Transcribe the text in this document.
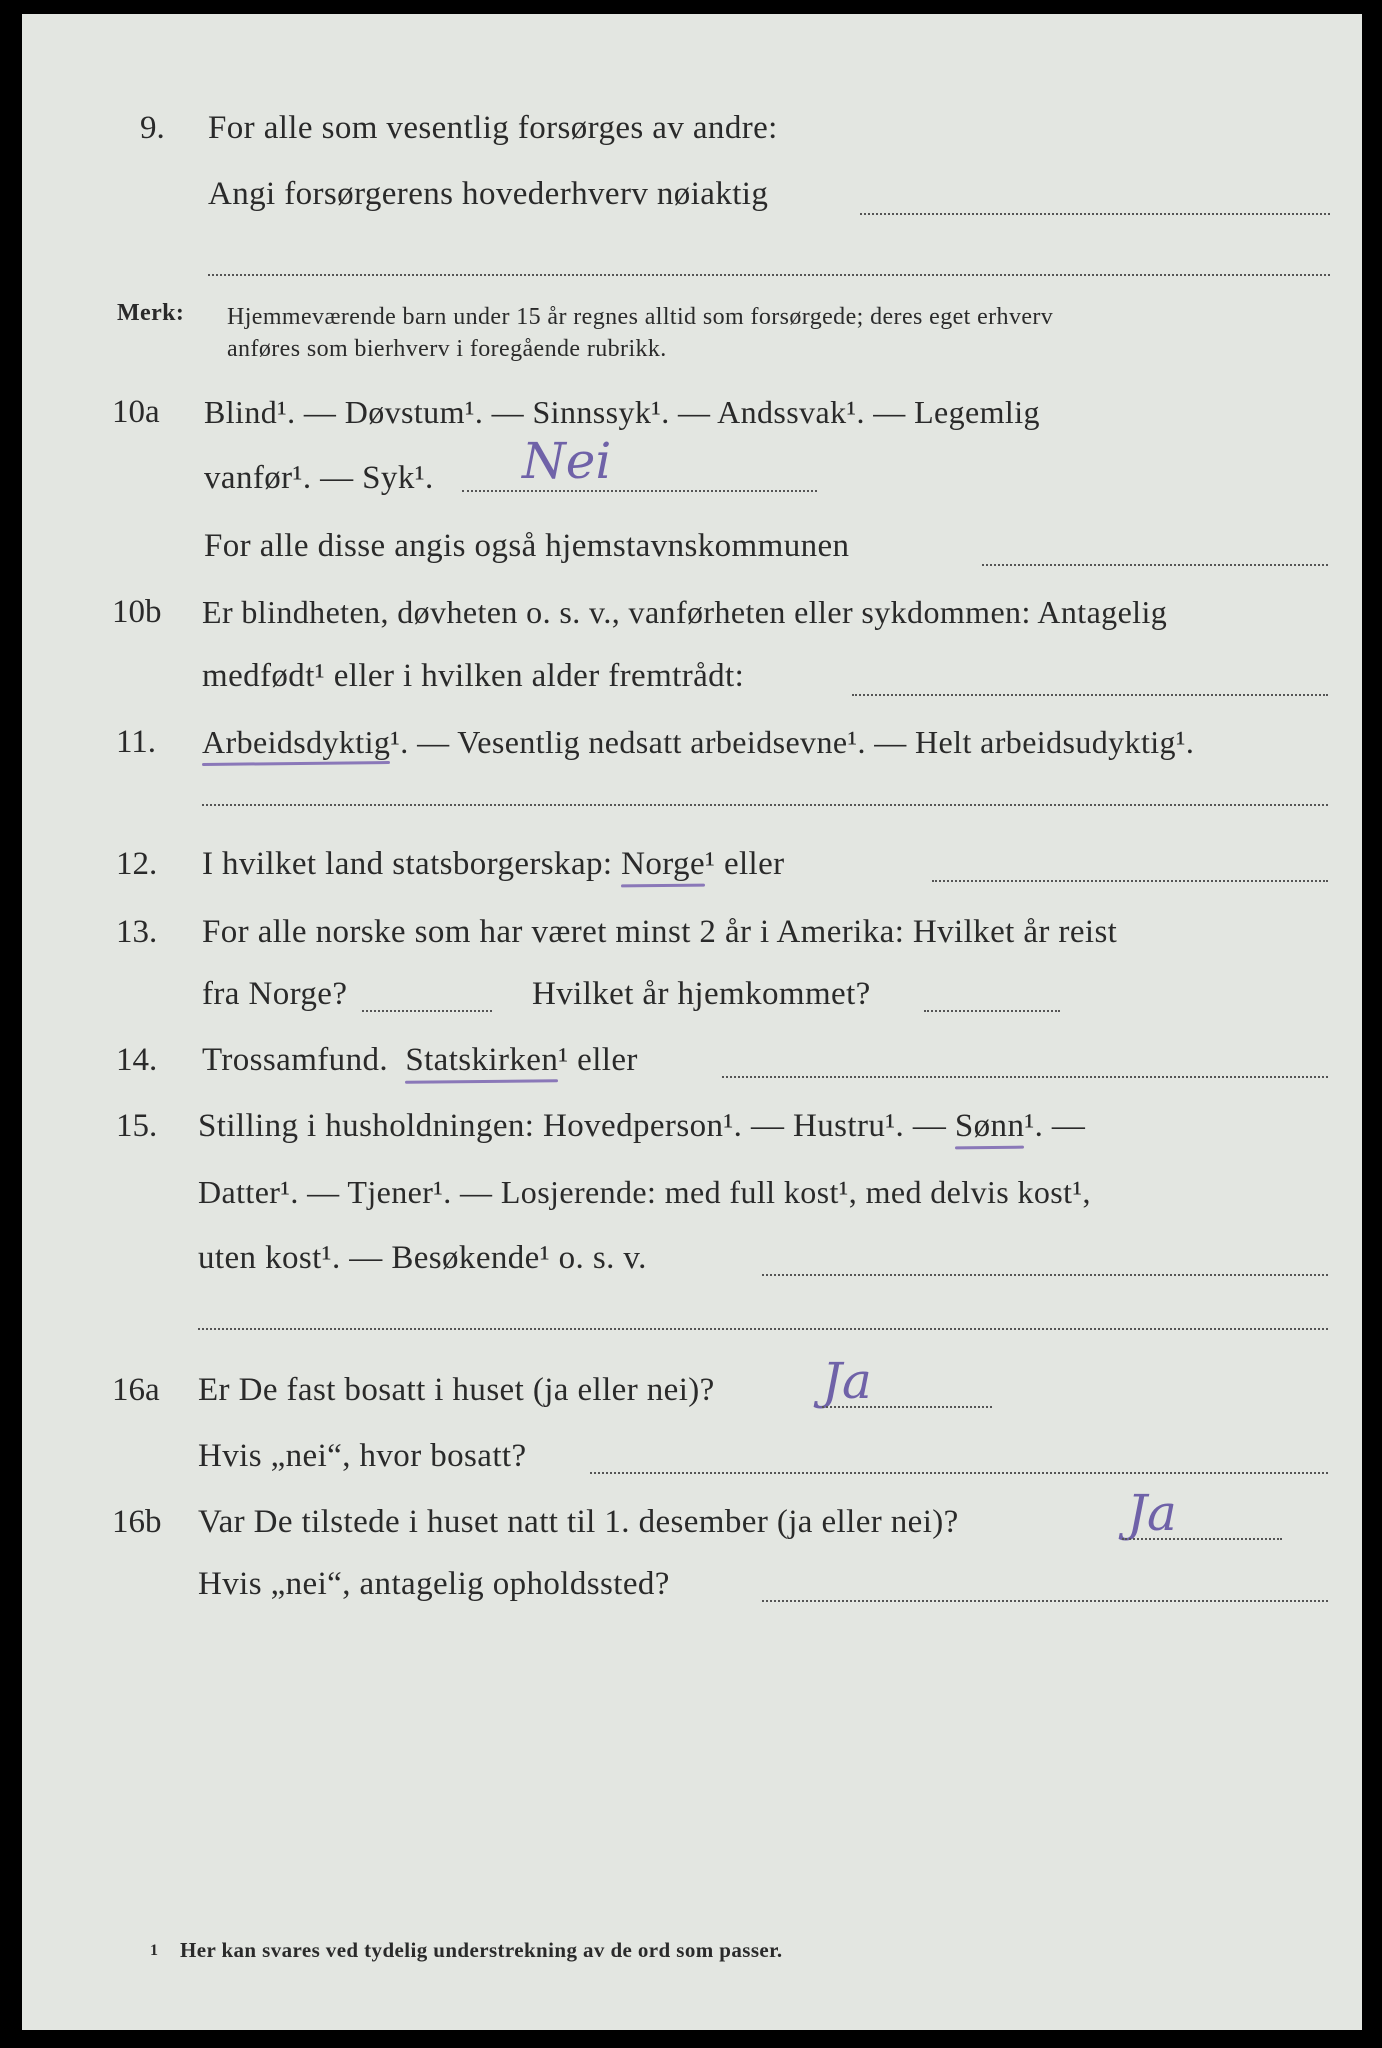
9. For alle som vesentlig forsørges av andre:
Angi forsørgerens hovederhverv nøiaktig
Merk: Hjemmeværende barn under 15 år regnes alltid som forsørgede; deres eget erhverv
anføres som bierhverv i foregående rubrikk.
10a Blind¹. — Døvstum¹. — Sinnssyk¹. — Andssvak¹. — Legemlig
vanfør¹. — Syk¹. Nei
For alle disse angis også hjemstavnskommunen
10b Er blindheten, døvheten o. s. v., vanførheten eller sykdommen: Antagelig
medfødt¹ eller i hvilken alder fremtrådt:
11. Arbeidsdyktig¹. — Vesentlig nedsatt arbeidsevne¹. — Helt arbeidsudyktig¹.
12. I hvilket land statsborgerskap: Norge¹ eller
13. For alle norske som har været minst 2 år i Amerika: Hvilket år reist
fra Norge?	Hvilket år hjemkommet?
14. Trossamfund. Statskirken¹ eller
15. Stilling i husholdningen: Hovedperson¹. — Hustru¹. — Sønn¹. —
Datter¹. — Tjener¹. — Losjerende: med full kost¹, med delvis kost¹,
uten kost¹. — Besøkende¹ o. s. v.
16a Er De fast bosatt i huset (ja eller nei)? Ja
Hvis „nei“, hvor bosatt?
16b Var De tilstede i huset natt til 1. desember (ja eller nei)?	Ja
Hvis „nei“, antagelig opholdssted?
1 Her kan svares ved tydelig understrekning av de ord som passer.
